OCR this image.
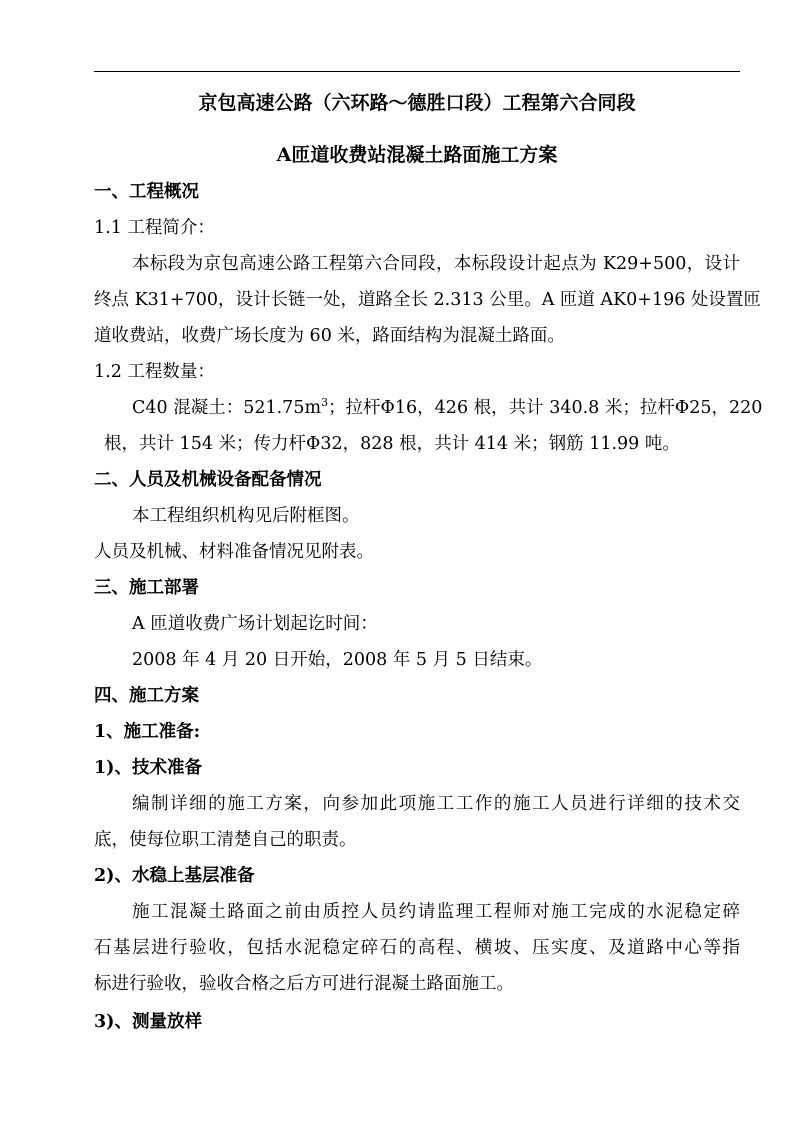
京包高速公路（六环路～德胜口段）工程第六合同段
A匝道收费站混凝土路面施工方案
一、工程概况
1.1 工程简介：
本标段为京包高速公路工程第六合同段，本标段设计起点为 K29+500，设计
终点 K31+700，设计长链一处，道路全长 2.313 公里。A 匝道 AK0+196 处设置匝
道收费站，收费广场长度为 60 米，路面结构为混凝土路面。
1.2 工程数量：
C40 混凝土：$521.75m^3$；拉杆Φ16，426 根，共计 340.8 米；拉杆Φ25，220
根，共计 154 米；传力杆Φ32，828 根，共计 414 米；钢筋 11.99 吨。
二、人员及机械设备配备情况
本工程组织机构见后附框图。
人员及机械、材料准备情况见附表。
三、施工部署
A 匝道收费广场计划起讫时间：
2008 年 4 月 20 日开始，2008 年 5 月 5 日结束。
四、施工方案
1、施工准备:
1)、技术准备
编制详细的施工方案，向参加此项施工工作的施工人员进行详细的技术交
底，使每位职工清楚自己的职责。
2)、水稳上基层准备
施工混凝土路面之前由质控人员约请监理工程师对施工完成的水泥稳定碎
石基层进行验收，包括水泥稳定碎石的高程、横坡、压实度、及道路中心等指
标进行验收，验收合格之后方可进行混凝土路面施工。
3)、测量放样
